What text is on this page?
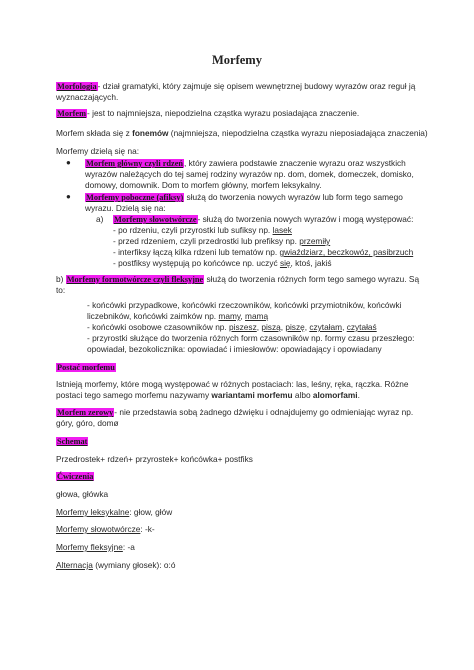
Morfemy
Morfologia- dział gramatyki, który zajmuje się opisem wewnętrznej budowy wyrazów oraz reguł ją
wyznaczających.
Morfem- jest to najmniejsza, niepodzielna cząstka wyrazu posiadająca znaczenie.
Morfem składa się z fonemów (najmniejsza, niepodzielna cząstka wyrazu nieposiadająca znaczenia)
Morfemy dzielą się na:
● Morfem główny czyli rdzeń, który zawiera podstawie znaczenie wyrazu oraz wszystkich
wyrazów należących do tej samej rodziny wyrazów np. dom, domek, domeczek, domisko,
domowy, domownik. Dom to morfem główny, morfem leksykalny.
● Morfemy poboczne (afiksy) służą do tworzenia nowych wyrazów lub form tego samego
wyrazu. Dzielą się na:
a) Morfemy słowotwórcze- służą do tworzenia nowych wyrazów i mogą występować:
- po rdzeniu, czyli przyrostki lub sufiksy np. lasek
- przed rdzeniem, czyli przedrostki lub prefiksy np. przemiły
- interfiksy łączą kilka rdzeni lub tematów np. gwiaździarz, beczkowóz, pasibrzuch
- postfiksy występują po końcówce np. uczyć się, ktoś, jakiś
b) Morfemy formotwórcze czyli fleksyjne służą do tworzenia różnych form tego samego wyrazu. Są
to:
- końcówki przypadkowe, końcówki rzeczowników, końcówki przymiotników, końcówki
liczebników, końcówki zaimków np. mamy, mamą
- końcówki osobowe czasowników np. piszesz, piszą, piszę, czytałam, czytałaś
- przyrostki służące do tworzenia różnych form czasowników np. formy czasu przeszłego:
opowiadał, bezokolicznika: opowiadać i imiesłowów: opowiadający i opowiadany
Postać morfemu
Istnieją morfemy, które mogą występować w różnych postaciach: las, leśny, ręka, rączka. Różne
postaci tego samego morfemu nazywamy wariantami morfemu albo alomorfami.
Morfem zerowy- nie przedstawia sobą żadnego dźwięku i odnajdujemy go odmieniając wyraz np.
góry, góro, domø
Schemat
Przedrostek+ rdzeń+ przyrostek+ końcówka+ postfiks
Ćwiczenia
głowa, główka
Morfemy leksykalne: głow, głów
Morfemy słowotwórcze: -k-
Morfemy fleksyjne: -a
Alternacja (wymiany głosek): o:ó
